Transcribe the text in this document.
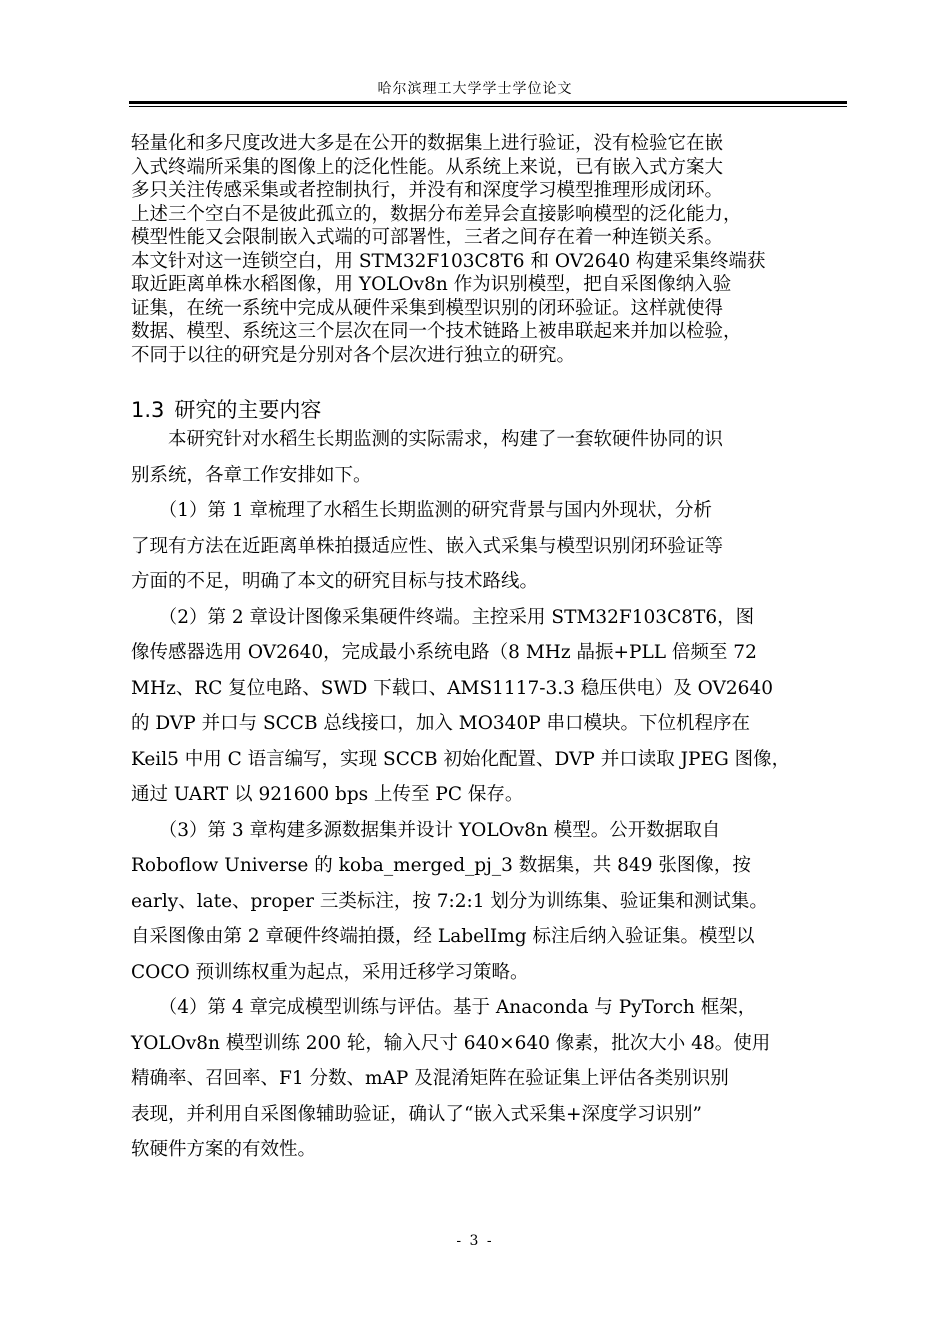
哈尔滨理工大学学士学位论文
轻量化和多尺度改进大多是在公开的数据集上进行验证，没有检验它在嵌
入式终端所采集的图像上的泛化性能。从系统上来说，已有嵌入式方案大
多只关注传感采集或者控制执行，并没有和深度学习模型推理形成闭环。
上述三个空白不是彼此孤立的，数据分布差异会直接影响模型的泛化能力，
模型性能又会限制嵌入式端的可部署性，三者之间存在着一种连锁关系。
本文针对这一连锁空白，用 STM32F103C8T6 和 OV2640 构建采集终端获
取近距离单株水稻图像，用 YOLOv8n 作为识别模型，把自采图像纳入验
证集，在统一系统中完成从硬件采集到模型识别的闭环验证。这样就使得
数据、模型、系统这三个层次在同一个技术链路上被串联起来并加以检验，
不同于以往的研究是分别对各个层次进行独立的研究。
1.3 研究的主要内容
　　本研究针对水稻生长期监测的实际需求，构建了一套软硬件协同的识
别系统，各章工作安排如下。
　　（1）第 1 章梳理了水稻生长期监测的研究背景与国内外现状，分析
了现有方法在近距离单株拍摄适应性、嵌入式采集与模型识别闭环验证等
方面的不足，明确了本文的研究目标与技术路线。
　　（2）第 2 章设计图像采集硬件终端。主控采用 STM32F103C8T6，图
像传感器选用 OV2640，完成最小系统电路（8 MHz 晶振+PLL 倍频至 72
MHz、RC 复位电路、SWD 下载口、AMS1117-3.3 稳压供电）及 OV2640
的 DVP 并口与 SCCB 总线接口，加入 MO340P 串口模块。下位机程序在
Keil5 中用 C 语言编写，实现 SCCB 初始化配置、DVP 并口读取 JPEG 图像，
通过 UART 以 921600 bps 上传至 PC 保存。
　　（3）第 3 章构建多源数据集并设计 YOLOv8n 模型。公开数据取自
Roboflow Universe 的 koba_merged_pj_3 数据集，共 849 张图像，按
early、late、proper 三类标注，按 7:2:1 划分为训练集、验证集和测试集。
自采图像由第 2 章硬件终端拍摄，经 LabelImg 标注后纳入验证集。模型以
COCO 预训练权重为起点，采用迁移学习策略。
　　（4）第 4 章完成模型训练与评估。基于 Anaconda 与 PyTorch 框架，
YOLOv8n 模型训练 200 轮，输入尺寸 640×640 像素，批次大小 48。使用
精确率、召回率、F1 分数、mAP 及混淆矩阵在验证集上评估各类别识别
表现，并利用自采图像辅助验证，确认了“嵌入式采集+深度学习识别”
软硬件方案的有效性。
- 3 -
